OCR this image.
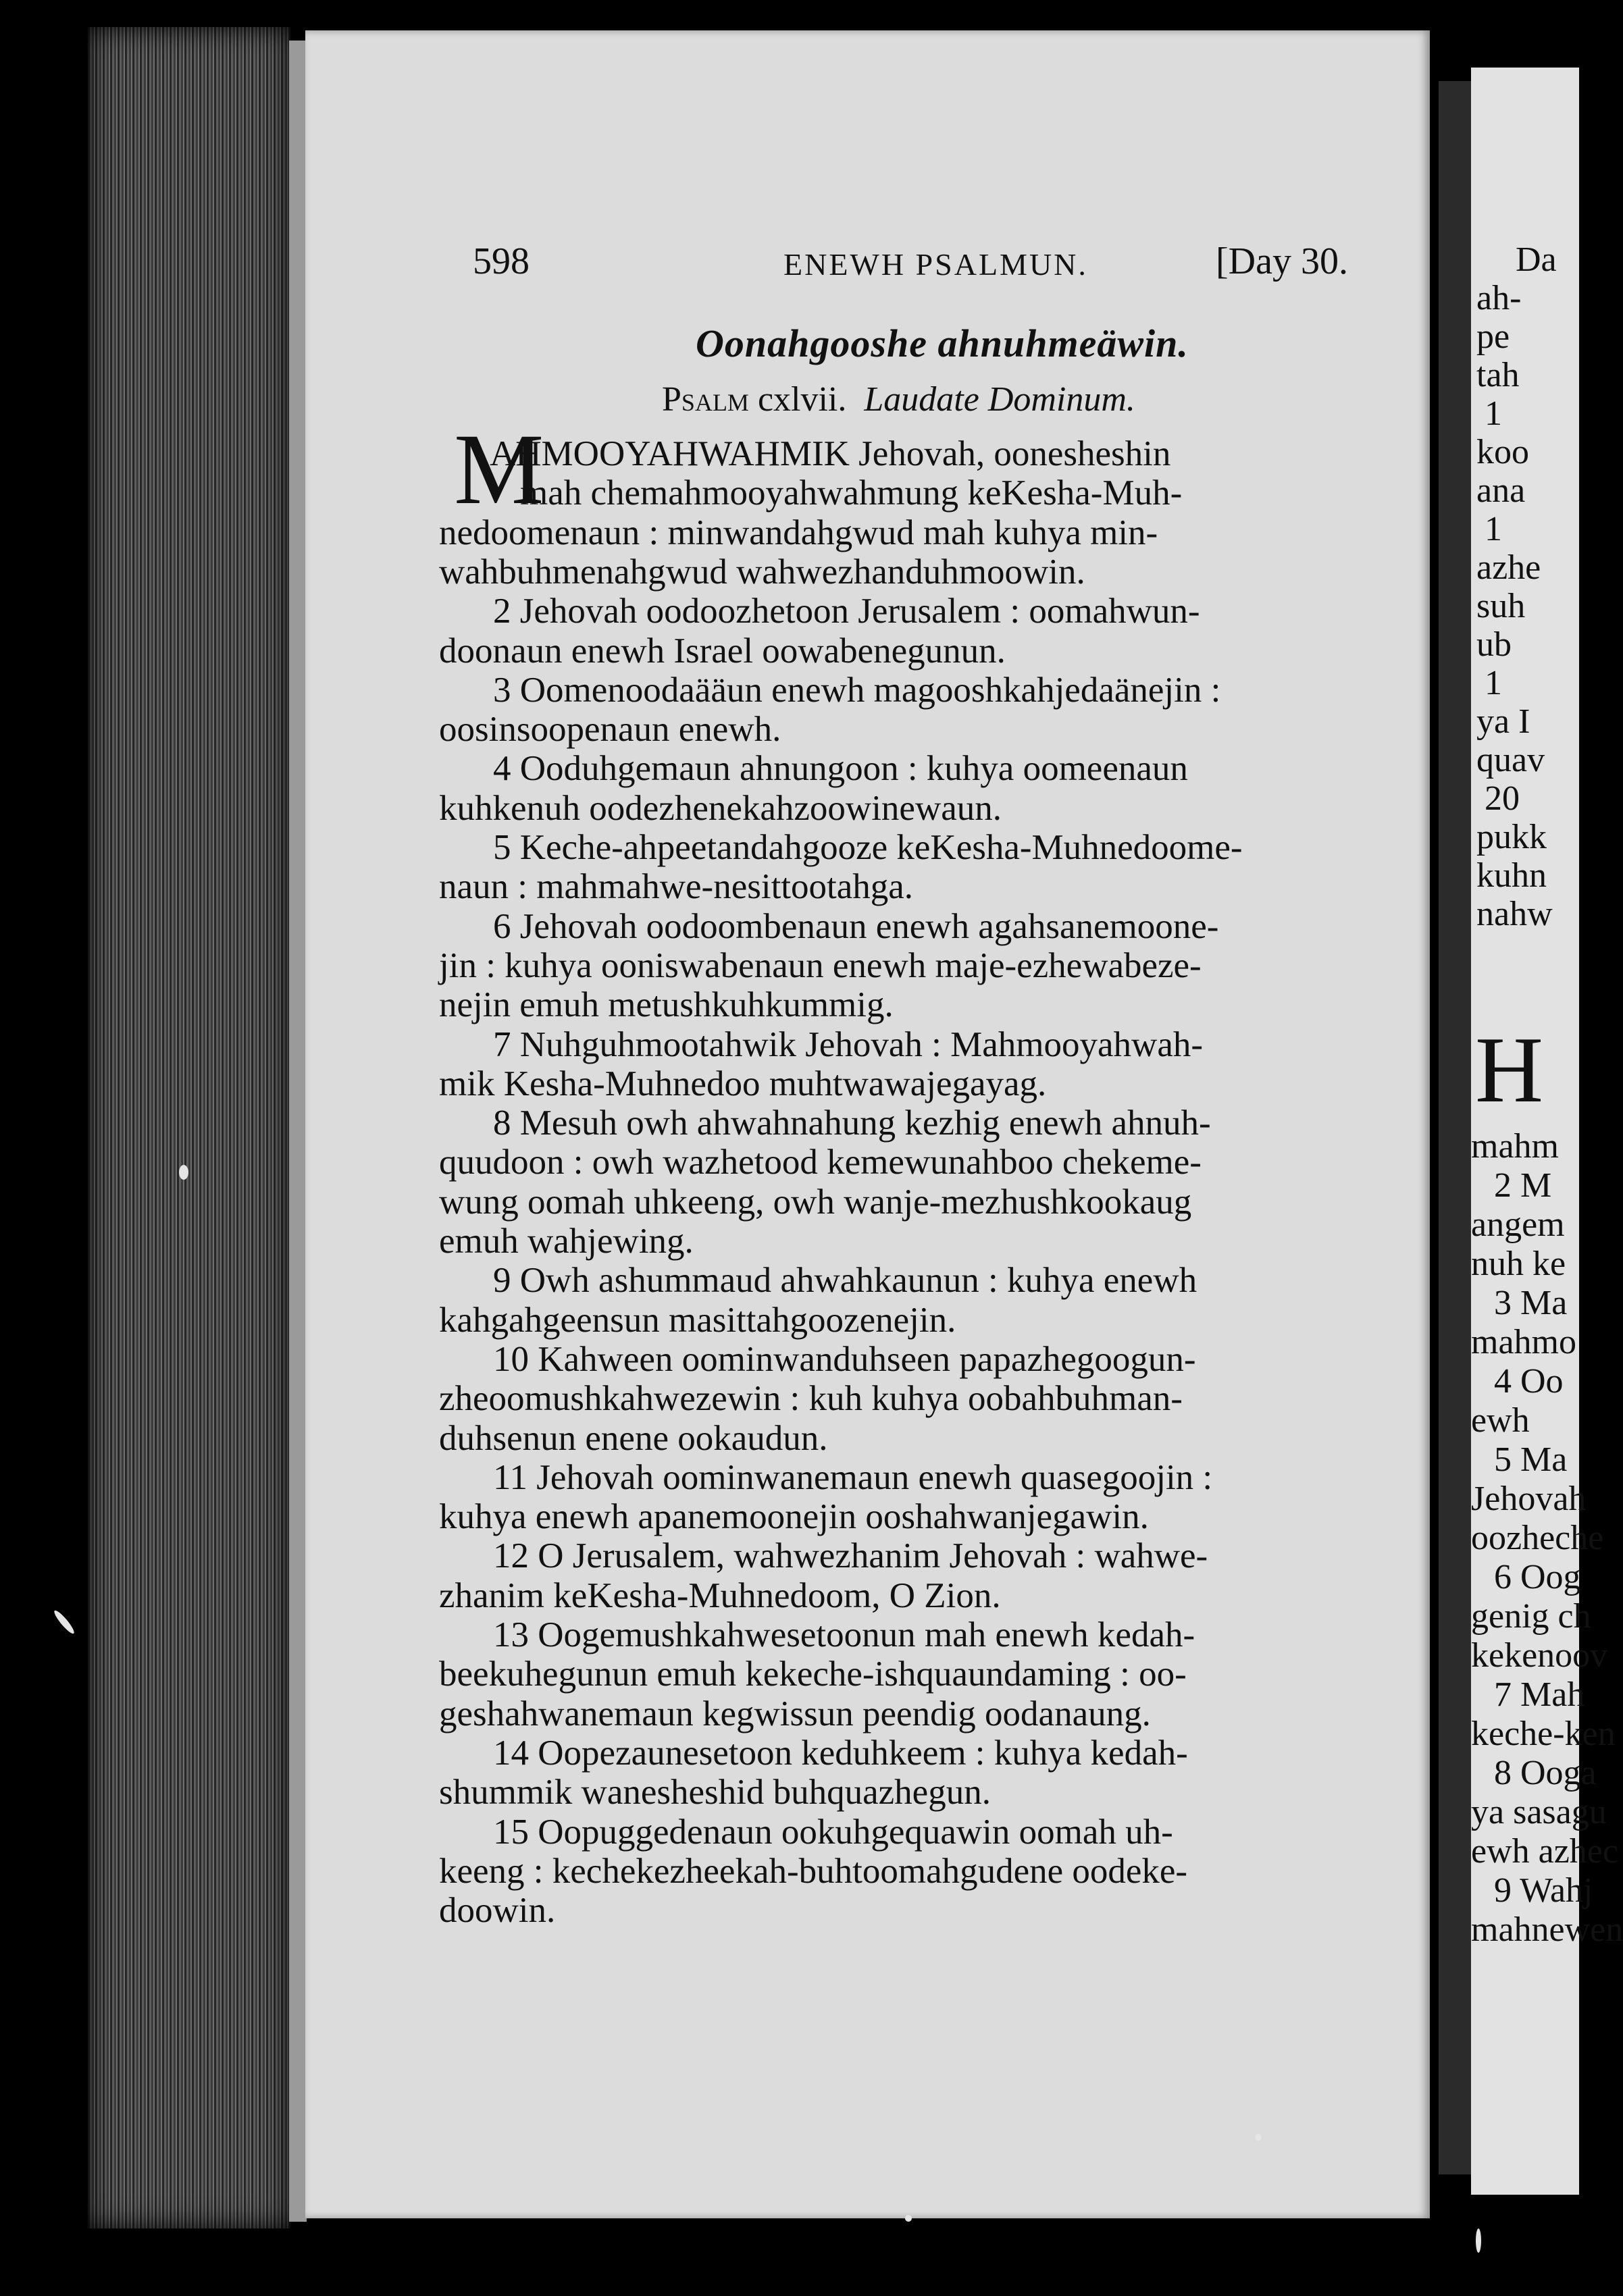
598	ENEWH PSALMUN.	[Day 30.
Oonahgooshe ahnuhmeäwin.
Psalm cxlvii. Laudate Dominum.
M
AHMOOYAHWAHMIK Jehovah, oonesheshin
mah chemahmooyahwahmung keKesha-Muh-
nedoomenaun : minwandahgwud mah kuhya min-
wahbuhmenahgwud wahwezhanduhmoowin.
2 Jehovah oodoozhetoon Jerusalem : oomahwun-
doonaun enewh Israel oowabenegunun.
3 Oomenoodaääun enewh magooshkahjedaänejin :
oosinsoopenaun enewh.
4 Ooduhgemaun ahnungoon : kuhya oomeenaun
kuhkenuh oodezhenekahzoowinewaun.
5 Keche-ahpeetandahgooze keKesha-Muhnedoome-
naun : mahmahwe-nesittootahga.
6 Jehovah oodoombenaun enewh agahsanemoone-
jin : kuhya ooniswabenaun enewh maje-ezhewabeze-
nejin emuh metushkuhkummig.
7 Nuhguhmootahwik Jehovah : Mahmooyahwah-
mik Kesha-Muhnedoo muhtwawajegayag.
8 Mesuh owh ahwahnahung kezhig enewh ahnuh-
quudoon : owh wazhetood kemewunahboo chekeme-
wung oomah uhkeeng, owh wanje-mezhushkookaug
emuh wahjewing.
9 Owh ashummaud ahwahkaunun : kuhya enewh
kahgahgeensun masittahgoozenejin.
10 Kahween oominwanduhseen papazhegoogun-
zheoomushkahwezewin : kuh kuhya oobahbuhman-
duhsenun enene ookaudun.
11 Jehovah oominwanemaun enewh quasegoojin :
kuhya enewh apanemoonejin ooshahwanjegawin.
12 O Jerusalem, wahwezhanim Jehovah : wahwe-
zhanim keKesha-Muhnedoom, O Zion.
13 Oogemushkahwesetoonun mah enewh kedah-
beekuhegunun emuh kekeche-ishquaundaming : oo-
geshahwanemaun kegwissun peendig oodanaung.
14 Oopezaunesetoon keduhkeem : kuhya kedah-
shummik wanesheshid buhquazhegun.
15 Oopuggedenaun ookuhgequawin oomah uh-
keeng : kechekezheekah-buhtoomahgudene oodeke-
doowin.
Da
ah-
pe
tah
1
koo
ana
1
azhe
suh
ub
1
ya I
quav
20
pukk
kuhn
nahw
H
mahm
2 M
angem
nuh ke
3 Ma
mahmo
4 Oo
ewh
5 Ma
Jehovah
oozheche
6 Oog
genig ch
kekenoov
7 Mah
keche-ken
8 Ooga
ya sasagu
ewh azhec
9 Wahj
mahnewen
